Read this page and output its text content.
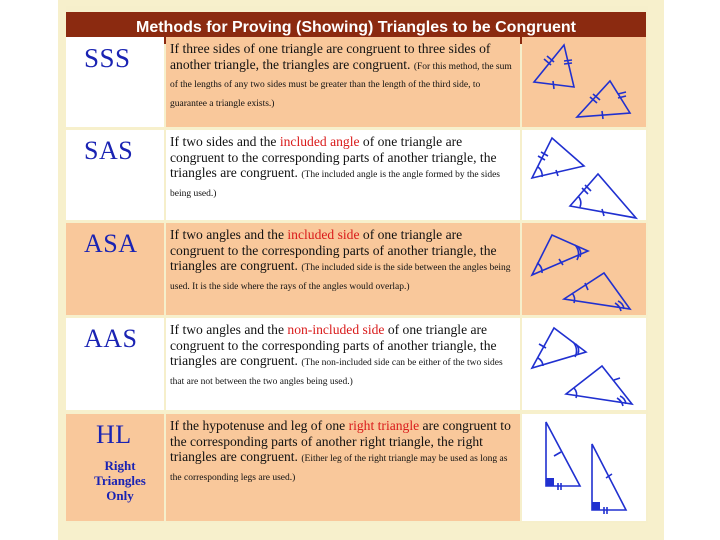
Methods for Proving (Showing) Triangles to be Congruent
SSS	If three sides of one triangle are congruent to three sides of another triangle, the triangles are congruent. (For this method, the sum of the lengths of any two sides must be greater than the length of the third side, to guarantee a triangle exists.)
SAS	If two sides and the included angle of one triangle are congruent to the corresponding parts of another triangle, the triangles are congruent. (The included angle is the angle formed by the sides being used.)
ASA If two angles and the included side of one triangle are congruent to the corresponding parts of another triangle, the triangles are congruent. (The included side is the side between the angles being used. It is the side where the rays of the angles would overlap.)
AAS If two angles and the non-included side of one triangle are congruent to the corresponding parts of another triangle, the triangles are congruent. (The non-included side can be either of the two sides that are not between the two angles being used.)
HL
Right
Triangles
Only
If the hypotenuse and leg of one right triangle are congruent to the corresponding parts of another right triangle, the right triangles are congruent. (Either leg of the right triangle may be used as long as the corresponding legs are used.)
